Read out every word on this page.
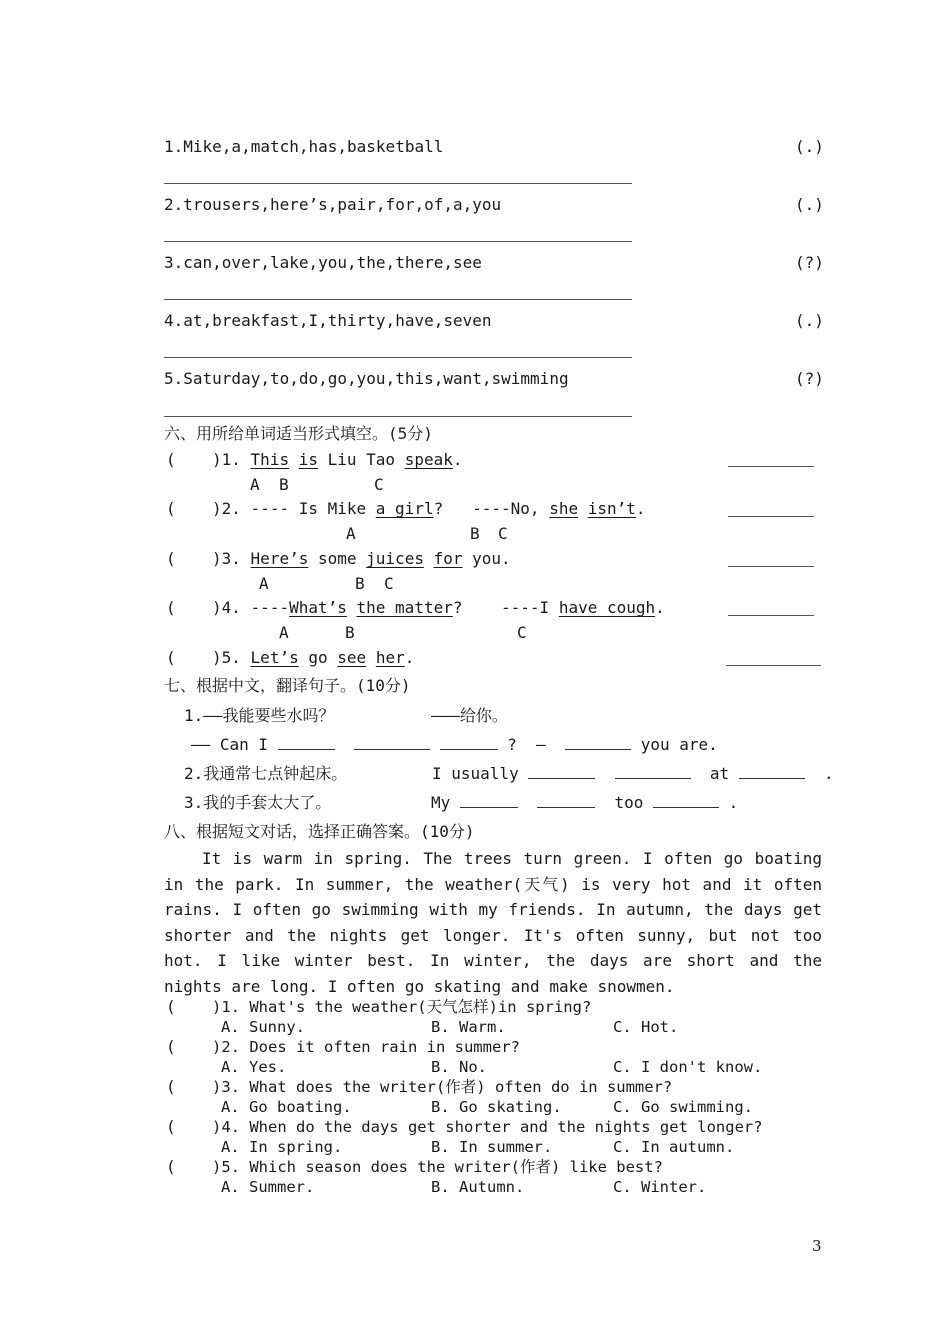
1.Mike,a,match,has,basketball	(.)
2.trousers,here’s,pair,for,of,a,you	(.)
3.can,over,lake,you,the,there,see	(?)
4.at,breakfast,I,thirty,have,seven	(.)
5.Saturday,to,do,go,you,this,want,swimming	(?)
六、用所给单词适当形式填空。(5分)
( )1. This is Liu Tao speak.
A B	C
( )2. ---- Is Mike a girl?   ----No, she isn’t.
A	B C
( )3. Here’s some juices for you.
A	B C
( )4. ----What’s the matter?    ----I have cough.
A	B	C
( )5. Let’s go see her.
七、根据中文，翻译句子。(10分)
1.——我能要些水吗？	———给你。
—— Can I	? —	you are.
2.我通常七点钟起床。	I usually	at	.
3.我的手套太大了。	My	too	.
八、根据短文对话，选择正确答案。(10分)
It is warm in spring. The trees turn green. I often go boating in the park. In summer, the weather(天气) is very hot and it often rains. I often go swimming with my friends. In autumn, the days get shorter and the nights get longer. It's often sunny, but not too hot. I like winter best. In winter, the days are short and the nights are long. I often go skating and make snowmen.
( )1. What's the weather(天气怎样)in spring?
A. Sunny.	B. Warm.	C. Hot.
( )2. Does it often rain in summer?
A. Yes.	B. No.	C. I don't know.
( )3. What does the writer(作者) often do in summer?
A. Go boating.	B. Go skating.	C. Go swimming.
( )4. When do the days get shorter and the nights get longer?
A. In spring.	B. In summer.	C. In autumn.
( )5. Which season does the writer(作者) like best?
A. Summer.	B. Autumn.	C. Winter.
3
